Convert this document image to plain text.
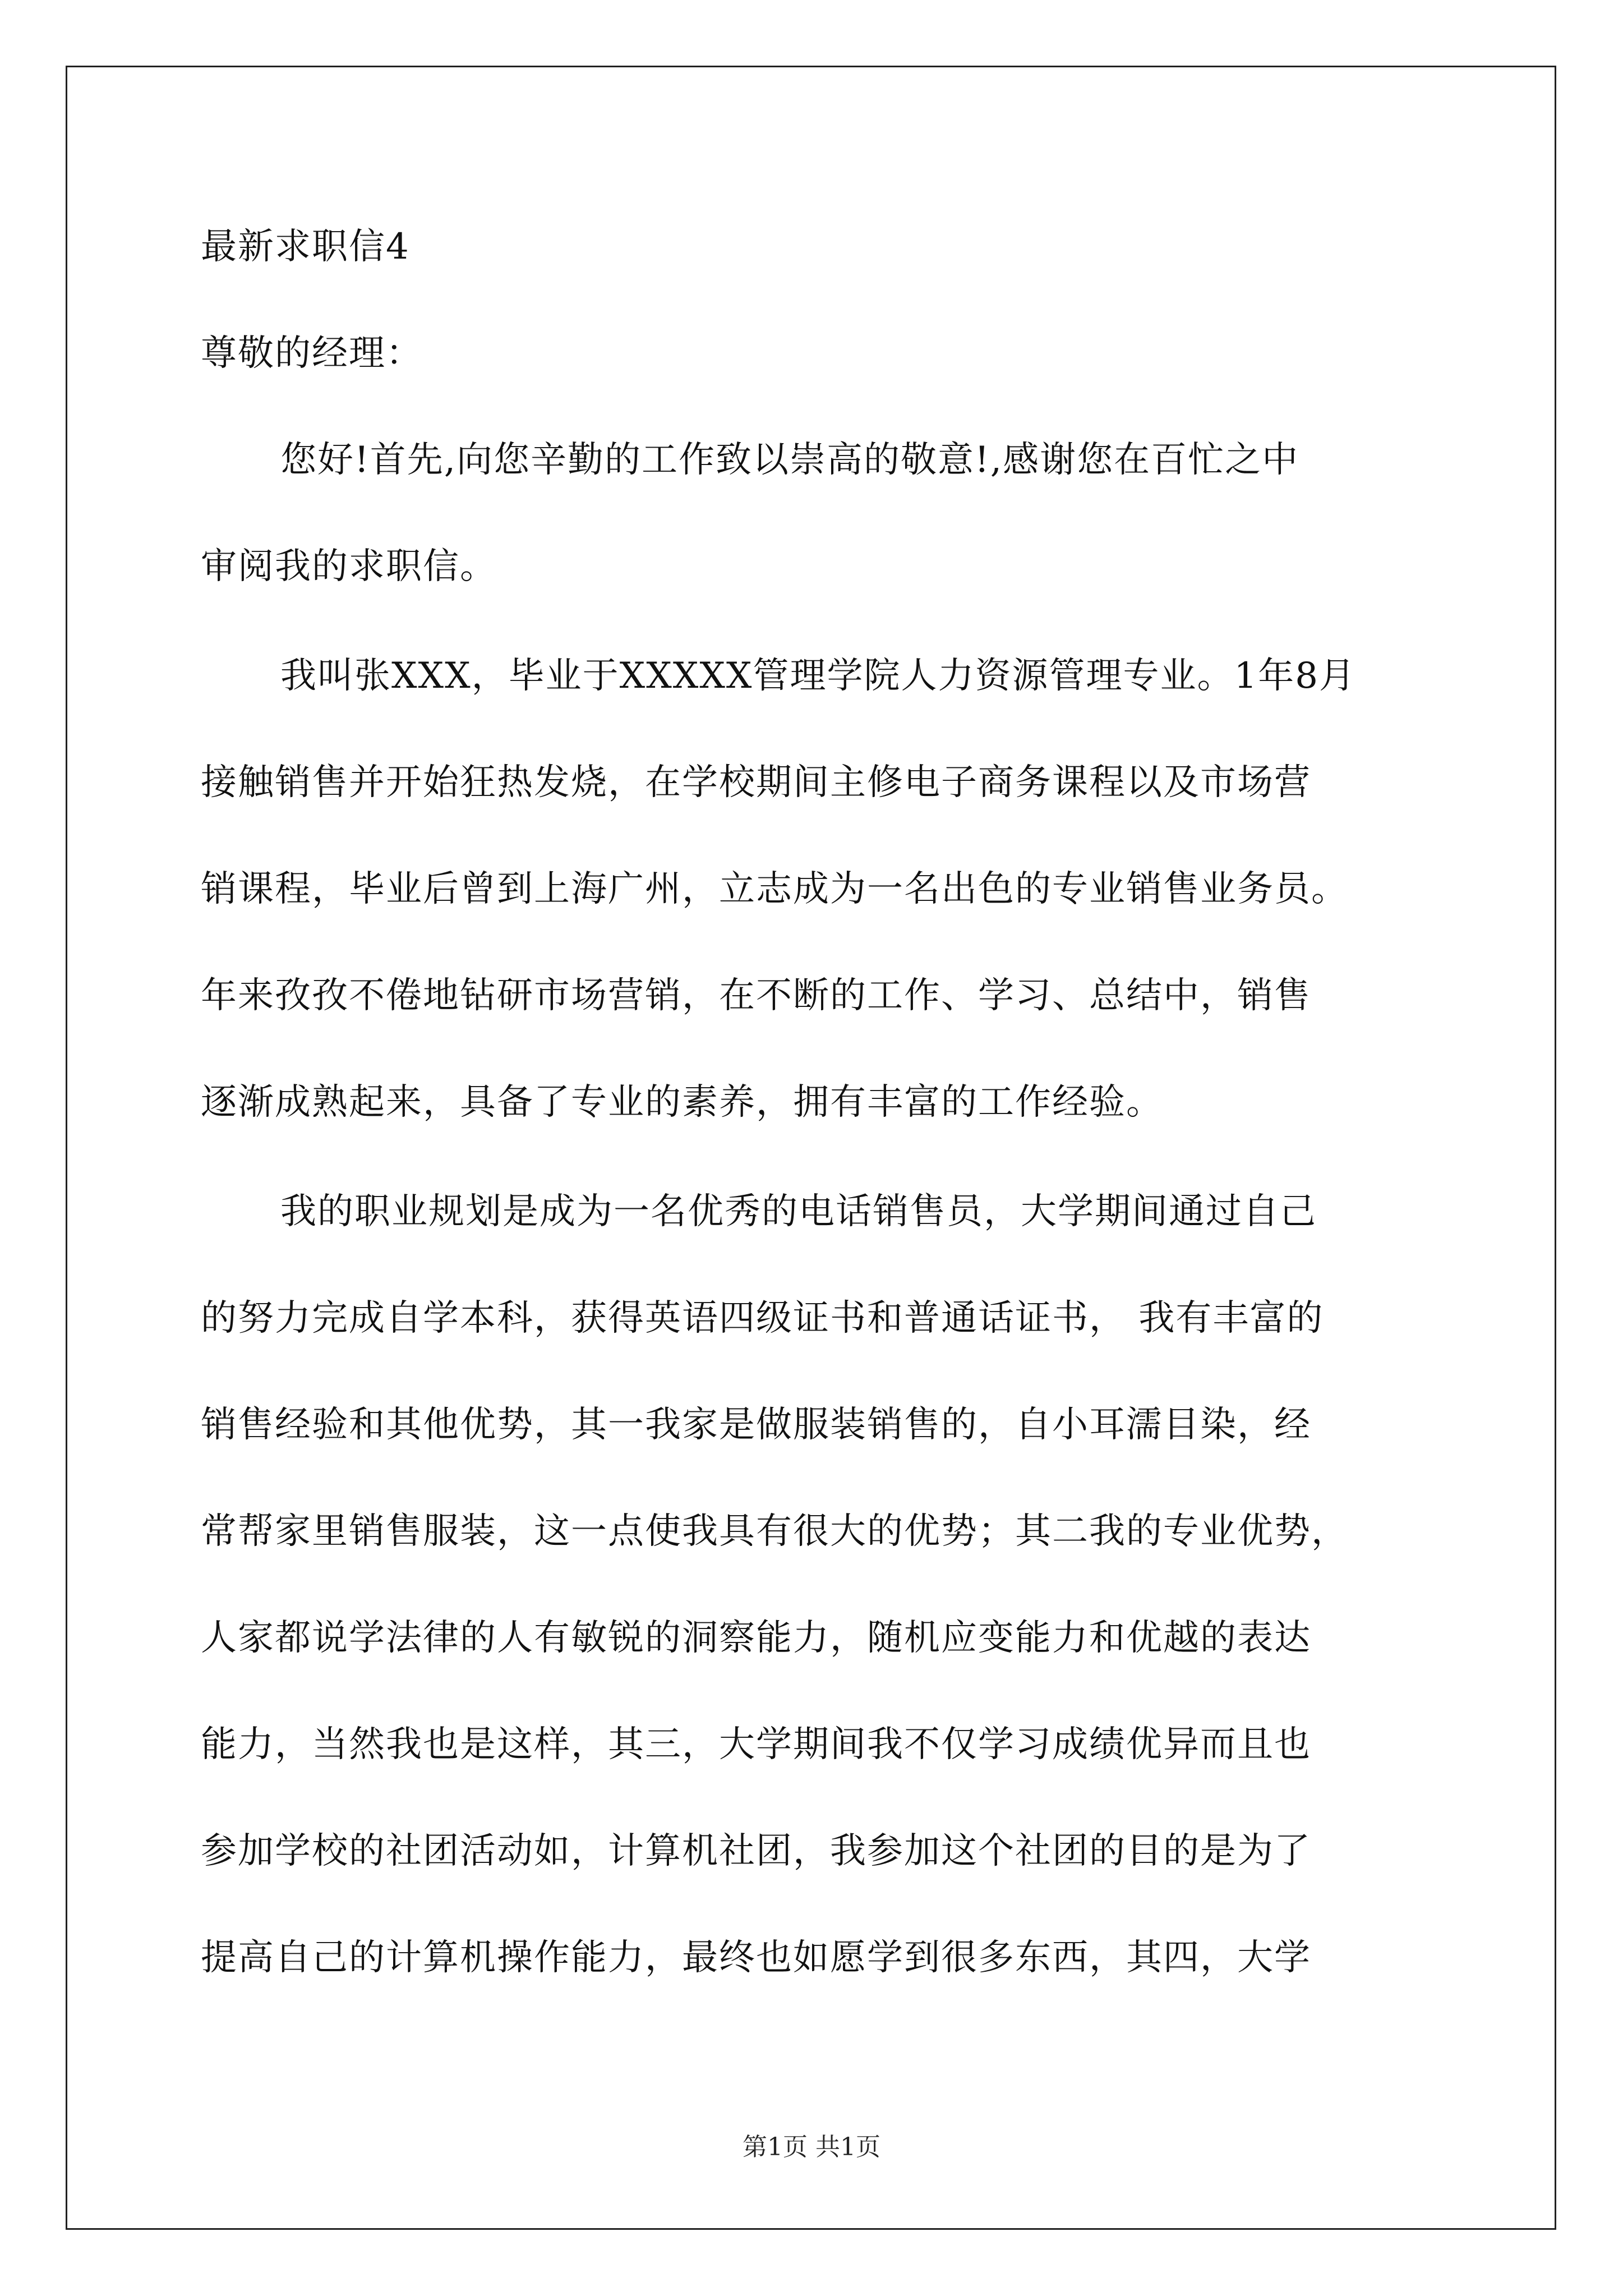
最新求职信4
尊敬的经理：
您好!首先,向您辛勤的工作致以崇高的敬意!,感谢您在百忙之中
审阅我的求职信。
我叫张XXX，毕业于XXXXX管理学院人力资源管理专业。1年8月
接触销售并开始狂热发烧，在学校期间主修电子商务课程以及市场营
销课程，毕业后曾到上海广州，立志成为一名出色的专业销售业务员。
年来孜孜不倦地钻研市场营销，在不断的工作、学习、总结中，销售
逐渐成熟起来，具备了专业的素养，拥有丰富的工作经验。
我的职业规划是成为一名优秀的电话销售员，大学期间通过自己
的努力完成自学本科，获得英语四级证书和普通话证书， 我有丰富的
销售经验和其他优势，其一我家是做服装销售的，自小耳濡目染，经
常帮家里销售服装，这一点使我具有很大的优势；其二我的专业优势，
人家都说学法律的人有敏锐的洞察能力，随机应变能力和优越的表达
能力，当然我也是这样，其三，大学期间我不仅学习成绩优异而且也
参加学校的社团活动如，计算机社团，我参加这个社团的目的是为了
提高自己的计算机操作能力，最终也如愿学到很多东西，其四，大学
第1页 共1页
